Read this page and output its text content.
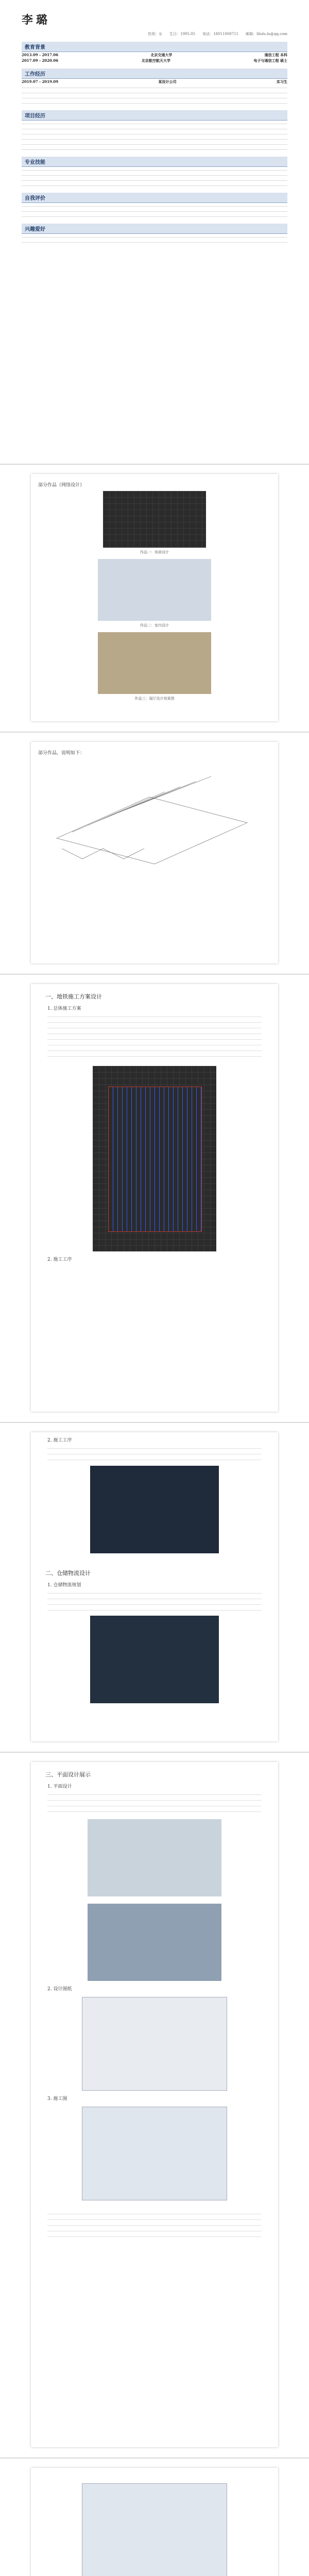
李璐
性别：女 生日：1995.05 电话：18011000711 邮箱：lilulu.lu@qq.com
教育背景
2013.09 - 2017.06	北京交通大学	通信工程 本科
2017.09 - 2020.06	北京航空航天大学	电子与通信工程 硕士
工作经历
2019.07 - 2019.09	某设计公司	实习生
项目经历
专业技能
自我评价
兴趣爱好
部分作品（网络设计）
作品一：场景设计
作品二：室内设计
作品三：展厅设计效果图
部分作品，说明如下：
一、地铁施工方案设计
1. 总体施工方案
2. 施工工序
2. 施工工序
二、仓储物流设计
1. 仓储物流规划
三、平面设计展示
1. 平面设计
2. 设计图纸
3. 施工图
